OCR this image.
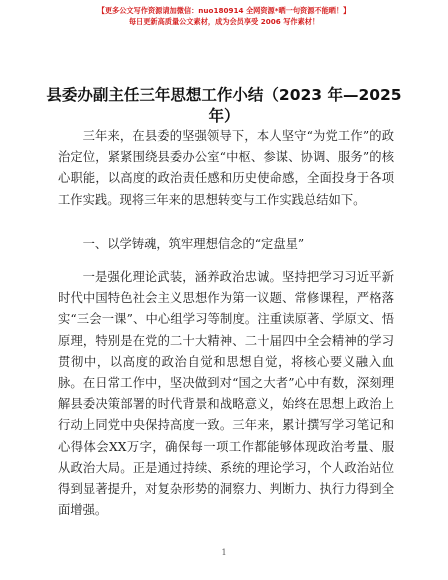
【更多公文写作资源请加微信：nuo180914 全网资源*晒一句资源不能晒！】
每日更新高质量公文素材，成为会员享受 2006 写作素材！
县委办副主任三年思想工作小结（2023 年—2025 年）

三年来，在县委的坚强领导下，本人坚守“为党工作”的政治定位，紧紧围绕县委办公室“中枢、参谋、协调、服务”的核心职能，以高度的政治责任感和历史使命感，全面投身于各项工作实践。现将三年来的思想转变与工作实践总结如下。

一、以学铸魂，筑牢理想信念的“定盘星”

一是强化理论武装，涵养政治忠诚。坚持把学习习近平新时代中国特色社会主义思想作为第一议题、常修课程，严格落实“三会一课”、中心组学习等制度。注重读原著、学原文、悟原理，特别是在党的二十大精神、二十届四中全会精神的学习贯彻中，以高度的政治自觉和思想自觉，将核心要义融入血脉。在日常工作中，坚决做到对“国之大者”心中有数，深刻理解县委决策部署的时代背景和战略意义，始终在思想上政治上行动上同党中央保持高度一致。三年来，累计撰写学习笔记和心得体会XX万字，确保每一项工作都能够体现政治考量、服从政治大局。正是通过持续、系统的理论学习，个人政治站位得到显著提升，对复杂形势的洞察力、判断力、执行力得到全面增强。

1
